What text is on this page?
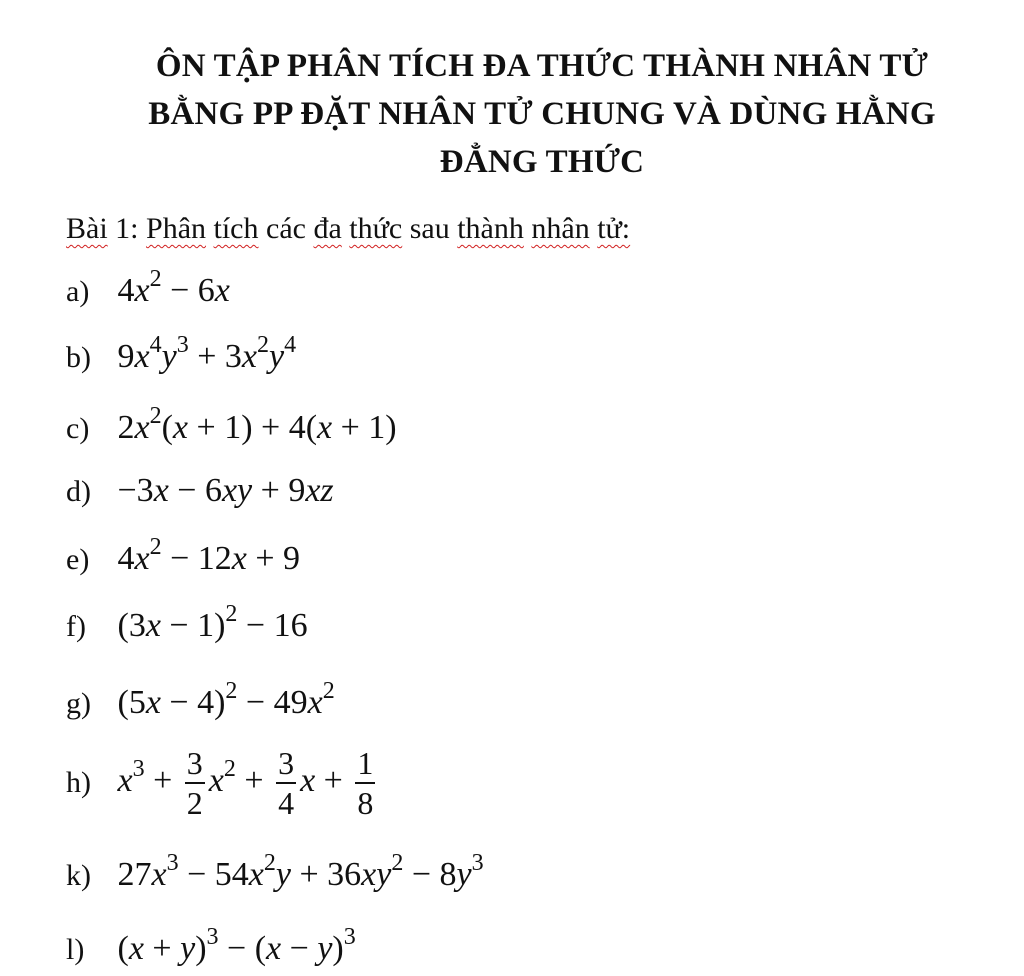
ÔN TẬP PHÂN TÍCH ĐA THỨC THÀNH NHÂN TỬ
BẰNG PP ĐẶT NHÂN TỬ CHUNG VÀ DÙNG HẰNG
ĐẲNG THỨC
Bài 1: Phân tích các đa thức sau thành nhân tử:
a) $4x^2 - 6x$
b) $9x^4y^3 + 3x^2y^4$
c) $2x^2(x + 1) + 4(x + 1)$
d) −3x − 6xy + 9xz
e) $4x^2 - 12x + 9$
f) $(3x - 1)^2 - 16$
g) $(5x - 4)^2 - 49x^2$
h) $x^3 + \frac{3}{2} x^2 + \frac{3}{4}$ $x + \frac{1}{8}$
k) $27x^3 - 54x^2y + 36xy^2 - 8y^3$
l) $(x + y)^3 - (x - y)^3$
